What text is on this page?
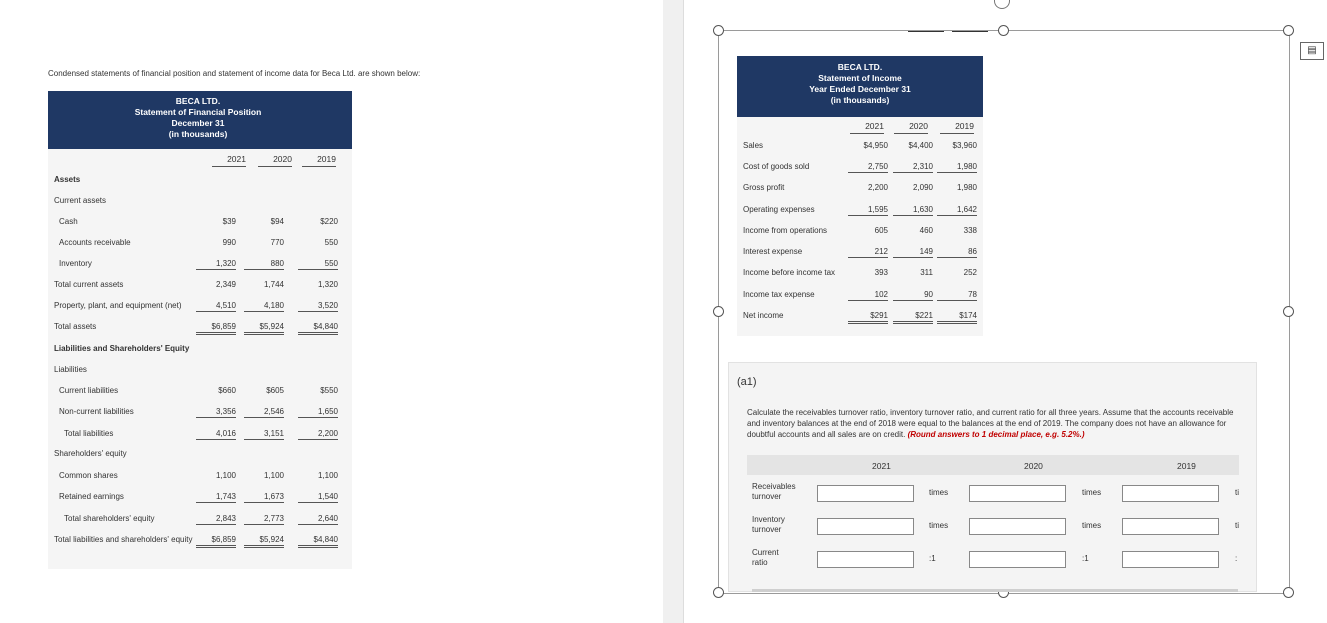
Condensed statements of financial position and statement of income data for Beca Ltd. are shown below:
BECA LTD.
Statement of Financial Position
December 31
(in thousands)
2021	2020	2019
Assets
Current assets
Cash	$39	$94	$220
Accounts receivable	990	770	550
Inventory	1,320	880	550
Total current assets	2,349	1,744	1,320
Property, plant, and equipment (net)	4,510	4,180	3,520
Total assets	$6,859	$5,924	$4,840
Liabilities and Shareholders' Equity
Liabilities
Current liabilities	$660	$605	$550
Non-current liabilities	3,356	2,546	1,650
Total liabilities	4,016	3,151	2,200
Shareholders' equity
Common shares	1,100	1,100	1,100
Retained earnings	1,743	1,673	1,540
Total shareholders' equity	2,843	2,773	2,640
Total liabilities and shareholders' equity	$6,859	$5,924	$4,840
BECA LTD.
Statement of Income
Year Ended December 31
(in thousands)
2021	2020	2019
Sales	$4,950	$4,400	$3,960
Cost of goods sold	2,750	2,310	1,980
Gross profit	2,200	2,090	1,980
Operating expenses	1,595	1,630	1,642
Income from operations	605	460	338
Interest expense	212	149	86
Income before income tax	393	311	252
Income tax expense	102	90	78
Net income	$291	$221	$174
(a1)
Calculate the receivables turnover ratio, inventory turnover ratio, and current ratio for all three years. Assume that the accounts receivable and inventory balances at the end of 2018 were equal to the balances at the end of 2019. The company does not have an allowance for doubtful accounts and all sales are on credit. (Round answers to 1 decimal place, e.g. 5.2%.)
2021	2020	2019
Receivables
turnover	times	times	ti
Inventory
turnover	times	times	ti
Current
ratio	:1	:1	:
▤
